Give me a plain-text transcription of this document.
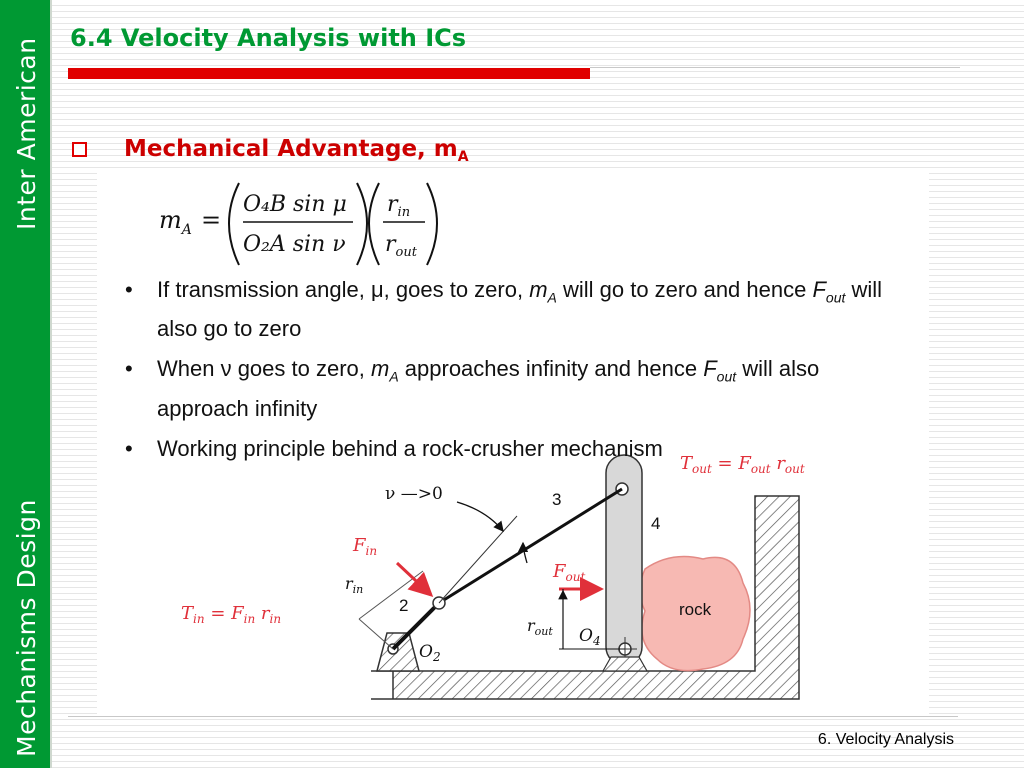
Inter American
Mechanisms Design
6.4 Velocity Analysis with ICs
Mechanical Advantage, $m_A$
$m_A$ =
O₄B sin μ
O₂A sin ν
$r_{in}$
$r_{out}$
rock
ν —>0
$T_{out} = F_{out}$ $r_{out}$
$T_{in} = F_{in}$ $r_{in}$
$F_{in}$
$r_{in}$
$F_{out}$
$r_{out}$
2
3
4
$O_2$
$O_4$
• If transmission angle, μ, goes to zero, $m_A$ will go to zero and hence $F_{out}$ will also go to zero
• When ν goes to zero, $m_A$ approaches infinity and hence $F_{out}$ will also approach infinity
• Working principle behind a rock-crusher mechanism
6. Velocity Analysis
